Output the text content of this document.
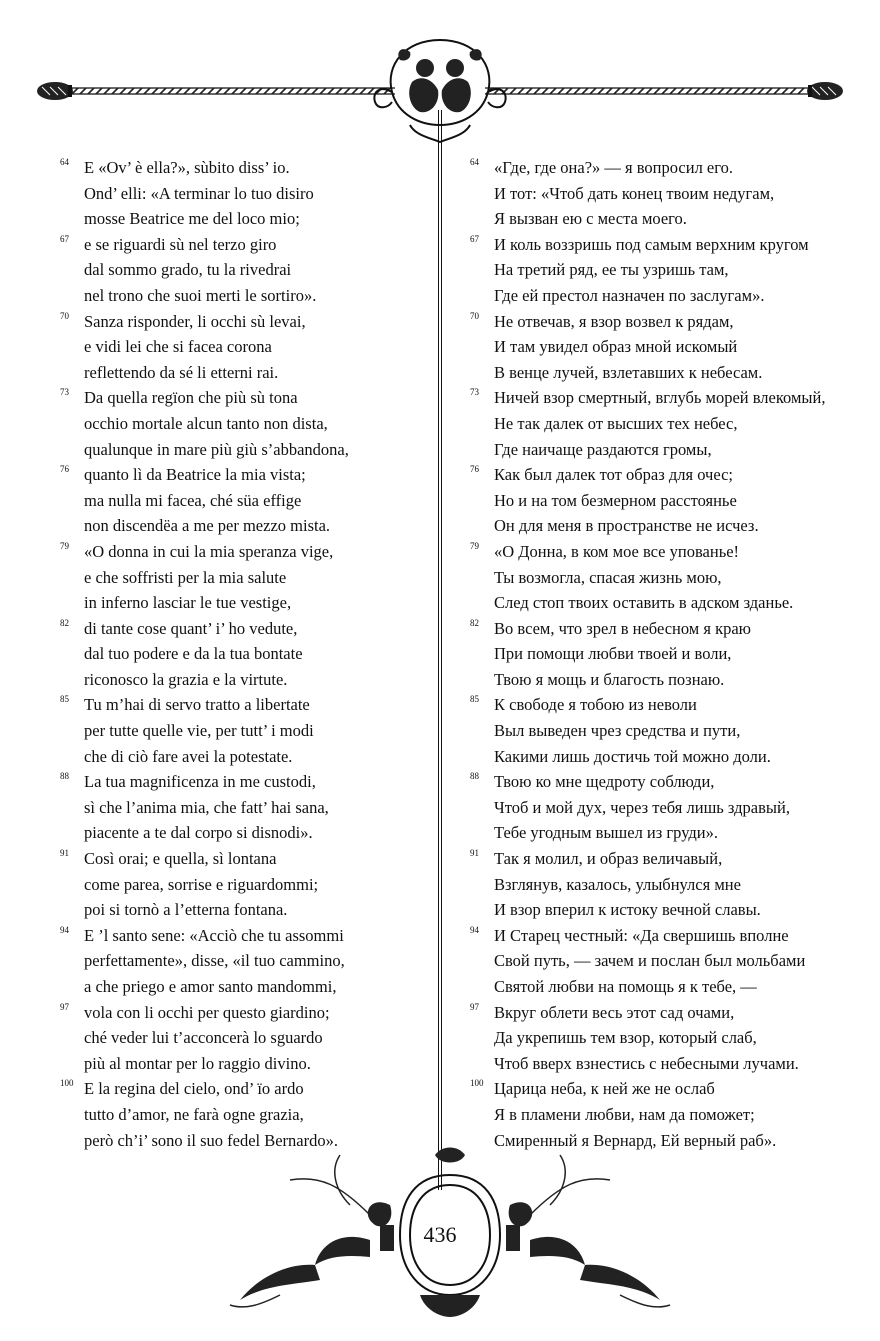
64 E «Ov’ è ella?», sùbito diss’ io.
Ond’ elli: «A terminar lo tuo disiro
mosse Beatrice me del loco mio;
67 e se riguardi sù nel terzo giro
dal sommo grado, tu la rivedrai
nel trono che suoi merti le sortiro».
70 Sanza risponder, li occhi sù levai,
e vidi lei che si facea corona
reflettendo da sé li etterni rai.
73 Da quella regïon che più sù tona
occhio mortale alcun tanto non dista,
qualunque in mare più giù s’abbandona,
76 quanto lì da Beatrice la mia vista;
ma nulla mi facea, ché süa effige
non discendëa a me per mezzo mista.
79 «O donna in cui la mia speranza vige,
e che soffristi per la mia salute
in inferno lasciar le tue vestige,
82 di tante cose quant’ i’ ho vedute,
dal tuo podere e da la tua bontate
riconosco la grazia e la virtute.
85 Tu m’hai di servo tratto a libertate
per tutte quelle vie, per tutt’ i modi
che di ciò fare avei la potestate.
88 La tua magnificenza in me custodi,
sì che l’anima mia, che fatt’ hai sana,
piacente a te dal corpo si disnodi».
91 Così orai; e quella, sì lontana
come parea, sorrise e riguardommi;
poi si tornò a l’etterna fontana.
94 E ’l santo sene: «Acciò che tu assommi
perfettamente», disse, «il tuo cammino,
a che priego e amor santo mandommi,
97 vola con li occhi per questo giardino;
ché veder lui t’acconcerà lo sguardo
più al montar per lo raggio divino.
100 E la regina del cielo, ond’ ïo ardo
tutto d’amor, ne farà ogne grazia,
però ch’i’ sono il suo fedel Bernardo».
64 «Где, где она?» — я вопросил его.
И тот: «Чтоб дать конец твоим недугам,
Я вызван ею с места моего.
67 И коль воззришь под самым верхним кругом
На третий ряд, ее ты узришь там,
Где ей престол назначен по заслугам».
70 Не отвечав, я взор возвел к рядам,
И там увидел образ мной искомый
В венце лучей, взлетавших к небесам.
73 Ничей взор смертный, вглубь морей влекомый,
Не так далек от высших тех небес,
Где наичаще раздаются громы,
76 Как был далек тот образ для очес;
Но и на том безмерном расстоянье
Он для меня в пространстве не исчез.
79 «О Донна, в ком мое все упованье!
Ты возмогла, спасая жизнь мою,
След стоп твоих оставить в адском зданье.
82 Во всем, что зрел в небесном я краю
При помощи любви твоей и воли,
Твою я мощь и благость познаю.
85 К свободе я тобою из неволи
Выл выведен чрез средства и пути,
Какими лишь достичь той можно доли.
88 Твою ко мне щедроту соблюди,
Чтоб и мой дух, через тебя лишь здравый,
Тебе угодным вышел из груди».
91 Так я молил, и образ величавый,
Взглянув, казалось, улыбнулся мне
И взор вперил к истоку вечной славы.
94 И Старец честный: «Да свершишь вполне
Свой путь, — зачем и послан был мольбами
Святой любви на помощь я к тебе, —
97 Вкруг облети весь этот сад очами,
Да укрепишь тем взор, который слаб,
Чтоб вверх взнестись с небесными лучами.
100 Царица неба, к ней же не ослаб
Я в пламени любви, нам да поможет;
Смиренный я Вернард, Ей верный раб».
436
